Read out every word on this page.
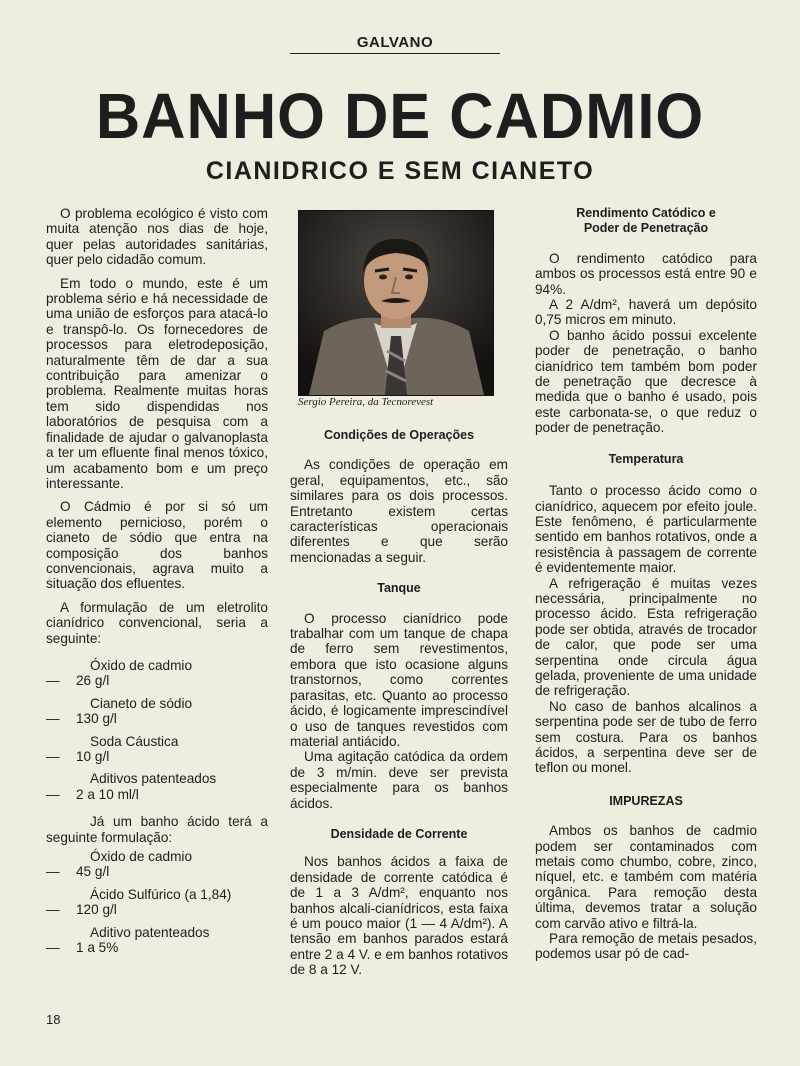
GALVANO
BANHO DE CADMIO
CIANIDRICO E SEM CIANETO

O problema ecológico é visto com muita atenção nos dias de hoje, quer pelas autoridades sanitárias, quer pelo cidadão comum.

Em todo o mundo, este é um problema sério e há necessidade de uma união de esforços para atacá-lo e transpô-lo. Os fornecedores de processos para eletrodeposição, naturalmente têm de dar a sua contribuição para amenizar o problema. Realmente muitas horas tem sido dispendidas nos laboratórios de pesquisa com a finalidade de ajudar o galvanoplasta a ter um efluente final menos tóxico, um acabamento bom e um preço interessante.

O Cádmio é por si só um elemento pernicioso, porém o cianeto de sódio que entra na composição dos banhos convencionais, agrava muito a situação dos efluentes.

A formulação de um eletrolito cianídrico convencional, seria a seguinte:

Óxido de cadmio
— 26 g/l
Cianeto de sódio
— 130 g/l
Soda Cáustica
— 10 g/l
Aditivos patenteados
— 2 a 10 ml/l

Já um banho ácido terá a seguinte formulação:

Óxido de cadmio
— 45 g/l
Ácido Sulfúrico (a 1,84)
— 120 g/l
Aditivo patenteados
— 1 a 5%
Sergio Pereira, da Tecnorevest
Condições de Operações

As condições de operação em geral, equipamentos, etc., são similares para os dois processos. Entretanto existem certas características operacionais diferentes e que serão mencionadas a seguir.

Tanque

O processo cianídrico pode trabalhar com um tanque de chapa de ferro sem revestimentos, embora que isto ocasione alguns transtornos, como correntes parasitas, etc. Quanto ao processo ácido, é logicamente imprescindível o uso de tanques revestidos com material antiácido.

Uma agitação catódica da ordem de 3 m/min. deve ser prevista especialmente para os banhos ácidos.

Densidade de Corrente

Nos banhos ácidos a faixa de densidade de corrente catódica é de 1 a 3 A/dm², enquanto nos banhos alcali-cianídricos, esta faixa é um pouco maior (1 — 4 A/dm²). A tensão em banhos parados estará entre 2 a 4 V. e em banhos rotativos de 8 a 12 V.

Rendimento Catódico e
Poder de Penetração

O rendimento catódico para ambos os processos está entre 90 e 94%.

A 2 A/dm², haverá um depósito 0,75 micros em minuto.

O banho ácido possui excelente poder de penetração, o banho cianídrico tem também bom poder de penetração que decresce à medida que o banho é usado, pois este carbonata-se, o que reduz o poder de penetração.

Temperatura

Tanto o processo ácido como o cianídrico, aquecem por efeito joule. Este fenômeno, é particularmente sentido em banhos rotativos, onde a resistência à passagem de corrente é evidentemente maior.

A refrigeração é muitas vezes necessária, principalmente no processo ácido. Esta refrigeração pode ser obtida, através de trocador de calor, que pode ser uma serpentina onde circula água gelada, proveniente de uma unidade de refrigeração.

No caso de banhos alcalinos a serpentina pode ser de tubo de ferro sem costura. Para os banhos ácidos, a serpentina deve ser de teflon ou monel.

IMPUREZAS

Ambos os banhos de cadmio podem ser contaminados com metais como chumbo, cobre, zinco, níquel, etc. e também com matéria orgânica. Para remoção desta última, devemos tratar a solução com carvão ativo e filtrá-la.

Para remoção de metais pesados, podemos usar pó de cad-

18
